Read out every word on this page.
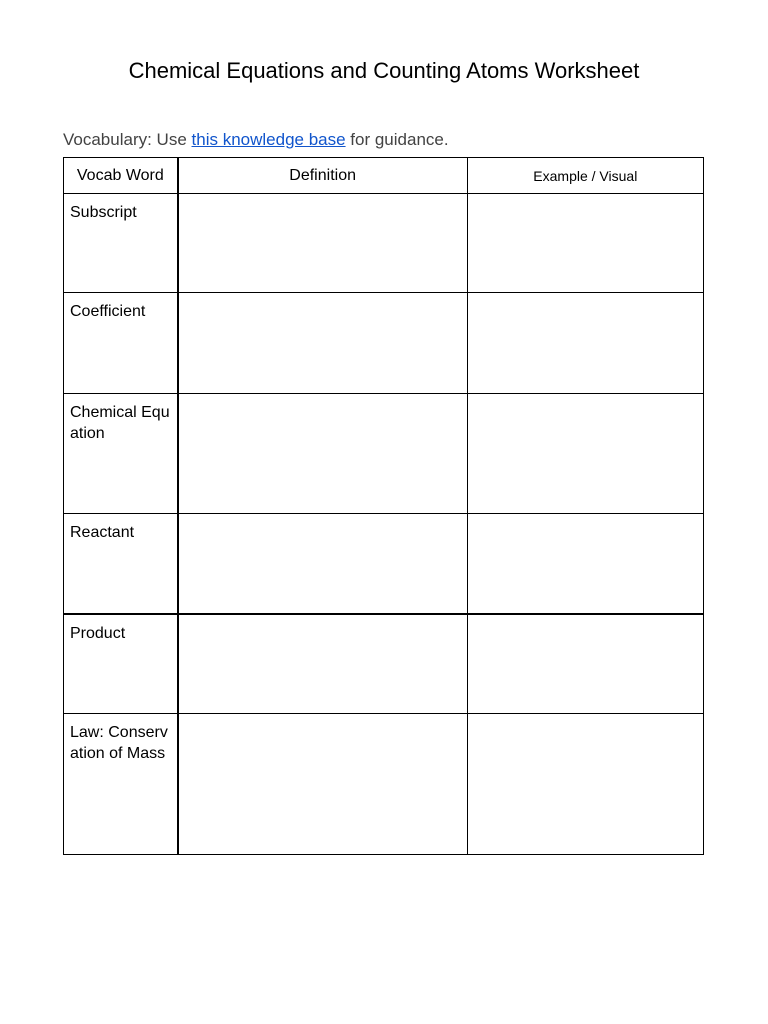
Chemical Equations and Counting Atoms Worksheet
Vocabulary: Use this knowledge base for guidance.
Vocab Word	Definition	Example / Visual

Subscript		

Coefficient		

Chemical Equation		

Reactant		

Product		

Law: Conservation of Mass		
